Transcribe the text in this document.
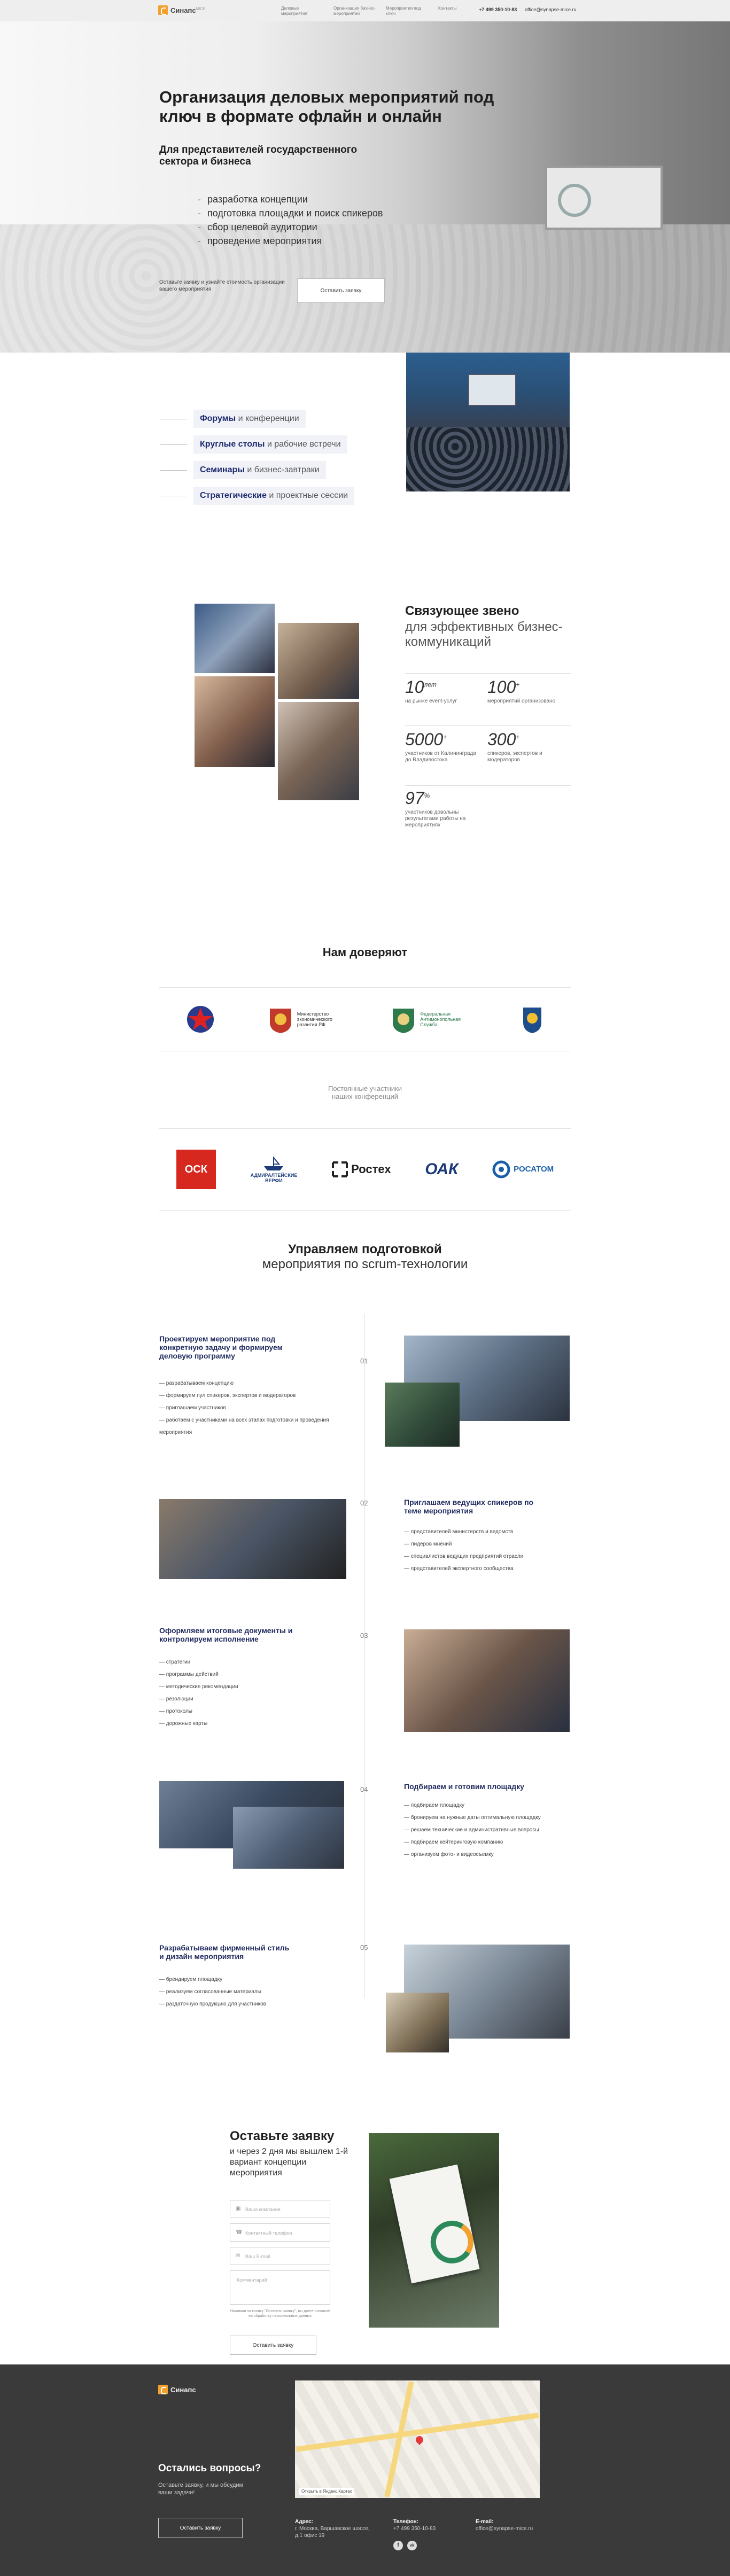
Синапс$^{MICE}$	Деловые мероприятия
Организация бизнес-мероприятий
Мероприятия под ключ
Контакты	+7 499 350-10-83 office@synapse-mice.ru
Организация деловых мероприятий под ключ в формате офлайн и онлайн
Для представителей государственного сектора и бизнеса
- разработка концепции
- подготовка площадки и поиск спикеров
- сбор целевой аудитории
- проведение мероприятия

Оставьте заявку и узнайте стоимость организации вашего мероприятия	Оставить заявку
Форумы и конференции
Круглые столы и рабочие встречи
Семинары и бизнес-завтраки
Стратегические и проектные сессии
Связующее звено

для эффективных бизнес-коммуникаций

$10^{лет}$
на рынке event-услуг
100+
мероприятий организовано
5000+
участников от Калининграда до Владивостока
300+
спикеров, экспертов и модераторов
97%
участников довольны результатами работы на мероприятиях
Нам доверяют
Министерство экономического развития РФ
Федеральная Антимонопольная Служба

Постоянные участники наших конференций

ОСК	АДМИРАЛТЕЙСКИЕ ВЕРФИ
Ростех ОАК	РОСАТОМ
Управляем подготовкой
мероприятия по scrum-технологии
Проектируем мероприятие под конкретную задачу и формируем деловую программу
— разрабатываем концепцию
— формируем пул спикеров, экспертов и модераторов
— приглашаем участников
— работаем с участниками на всех этапах подготовки и проведения мероприятия
01
02	Приглашаем ведущих спикеров по теме мероприятия
— представителей министерств и ведомств
— лидеров мнений
— специалистов ведущих предприятий отрасли
— представителей экспертного сообщества
Оформляем итоговые документы и контролируем исполнение
— стратегии
— программы действий
— методические рекомендации
— резолюции
— протоколы
— дорожные карты
03
04	Подбираем и готовим площадку
— подбираем площадку
— бронируем на нужные даты оптимальную площадку
— решаем технические и административные вопросы
— подбираем кейтеринговую компанию
— организуем фото- и видеосъемку
Разрабатываем фирменный стиль и дизайн мероприятия
— брендируем площадку
— реализуем согласованные материалы
— раздаточную продукцию для участников
05
Оставьте заявку

и через 2 дня мы вышлем 1-й вариант концепции мероприятия

▣ Ваша компания
☎ Контактный телефон
✉ Ваш E-mail
Комментарий

Нажимая на кнопку "Оставить заявку", вы даете согласие на обработку персональных данных

Оставить заявку
Открыть в Яндекс.Картах
Синапс
Остались вопросы?
Оставьте заявку, и мы обсудим ваши задачи!
Оставить заявку
Адрес:
г. Москва, Варшавское шоссе, д.1 офис 19
Телефон:
+7 499 350-10-83
E-mail:
office@synapse-mice.ru
f	vk
